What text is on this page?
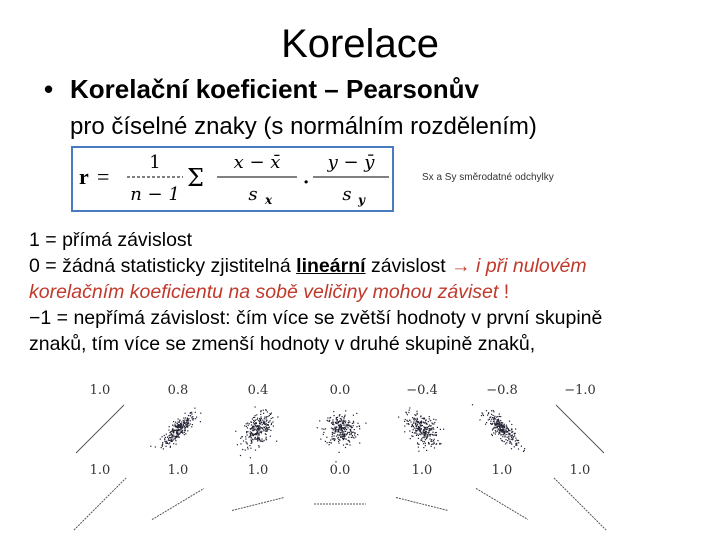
Korelace
• Korelační koeficient – Pearsonův
pro číselné znaky (s normálním rozdělením)
r =
1
n − 1
Σ
x − x̄
s x
·
y − ȳ
s y
Sx a Sy směrodatné odchylky
1 = přímá závislost
0 = žádná statisticky zjistitelná lineární závislost → i při nulovém
korelačním koeficientu na sobě veličiny mohou záviset !
−1 = nepřímá závislost: čím více se zvětší hodnoty v první skupině
znaků, tím více se zmenší hodnoty v druhé skupině znaků,
1.0	0.8	0.4	0.0	−0.4	−0.8	−1.0
1.0	1.0	1.0	0.0	1.0	1.0	1.0
